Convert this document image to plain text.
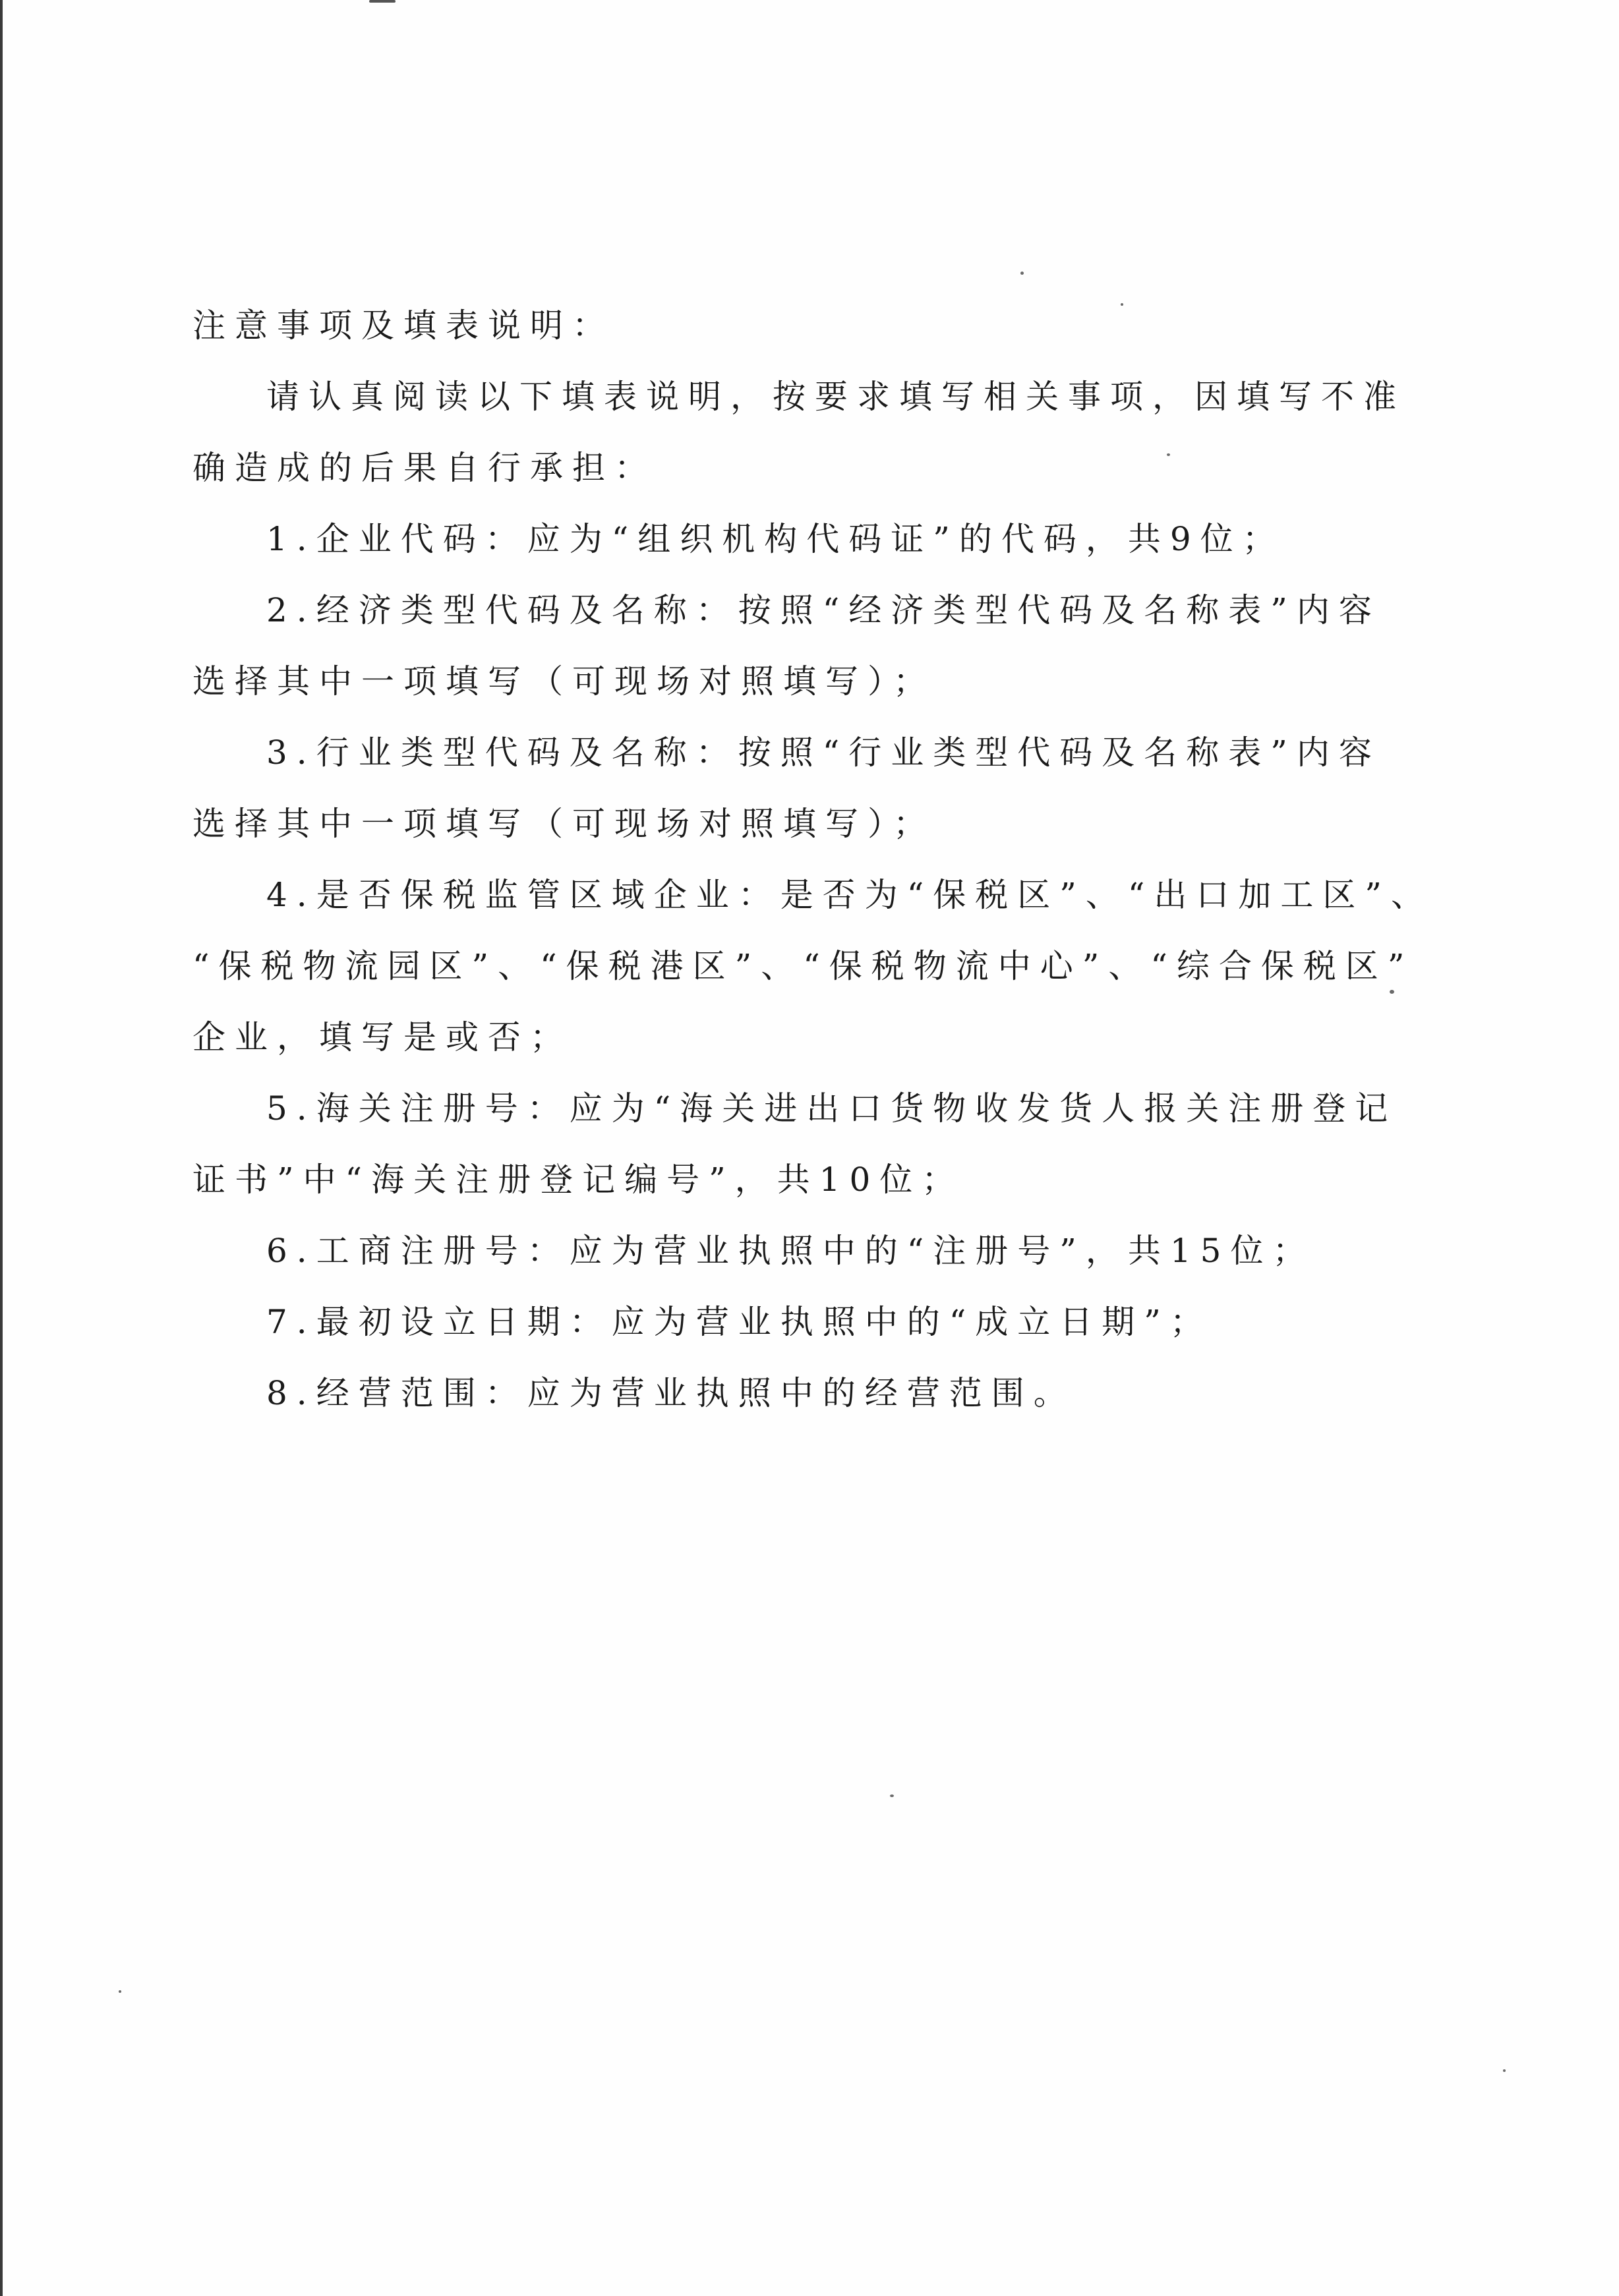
注意事项及填表说明：
请认真阅读以下填表说明，按要求填写相关事项，因填写不准
确造成的后果自行承担：
1.企业代码：应为“组织机构代码证”的代码，共9位；
2.经济类型代码及名称：按照“经济类型代码及名称表”内容
选择其中一项填写（可现场对照填写）；
3.行业类型代码及名称：按照“行业类型代码及名称表”内容
选择其中一项填写（可现场对照填写）；
4.是否保税监管区域企业：是否为“保税区”、“出口加工区”、
“保税物流园区”、“保税港区”、“保税物流中心”、“综合保税区”
企业，填写是或否；
5.海关注册号：应为“海关进出口货物收发货人报关注册登记
证书”中“海关注册登记编号”，共10位；
6.工商注册号：应为营业执照中的“注册号”，共15位；
7.最初设立日期：应为营业执照中的“成立日期”；
8.经营范围：应为营业执照中的经营范围。
